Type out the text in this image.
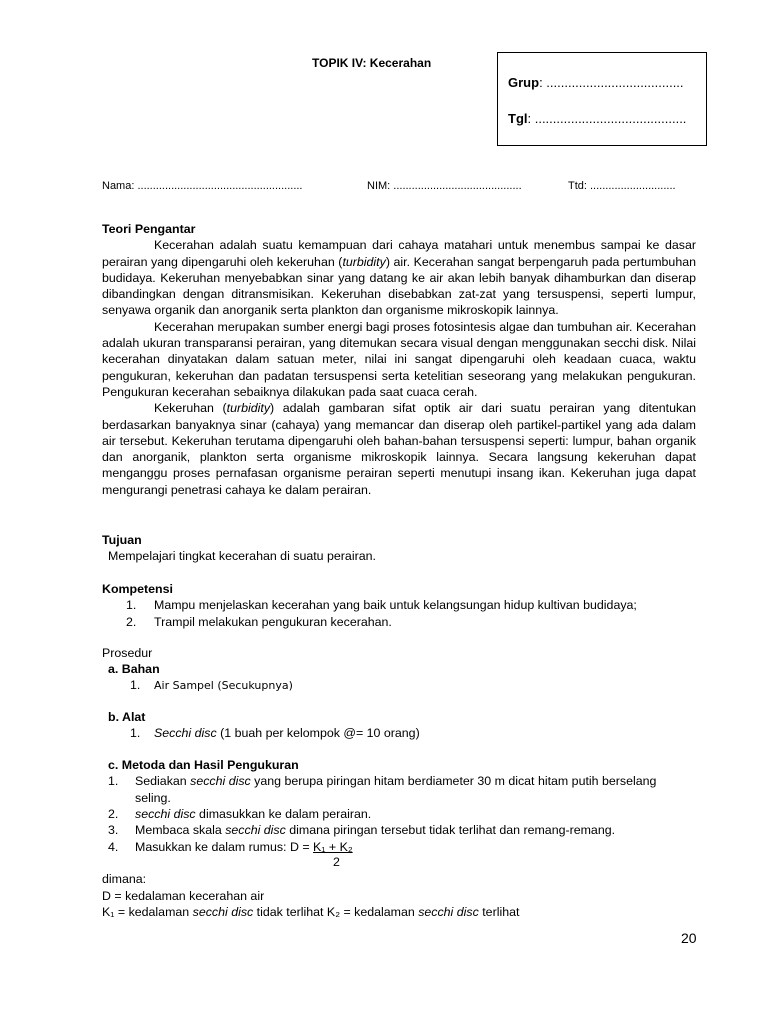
TOPIK IV: Kecerahan
Grup: ......................................
Tgl: ..........................................
Nama: ......................................................	NIM: ..........................................	Ttd: ............................
Teori Pengantar
Kecerahan adalah suatu kemampuan dari cahaya matahari untuk menembus sampai ke dasar perairan yang dipengaruhi oleh kekeruhan (turbidity) air. Kecerahan sangat berpengaruh pada pertumbuhan budidaya. Kekeruhan menyebabkan sinar yang datang ke air akan lebih banyak dihamburkan dan diserap dibandingkan dengan ditransmisikan. Kekeruhan disebabkan zat-zat yang tersuspensi, seperti lumpur, senyawa organik dan anorganik serta plankton dan organisme mikroskopik lainnya.
Kecerahan merupakan sumber energi bagi proses fotosintesis algae dan tumbuhan air. Kecerahan adalah ukuran transparansi perairan, yang ditemukan secara visual dengan menggunakan secchi disk. Nilai kecerahan dinyatakan dalam satuan meter, nilai ini sangat dipengaruhi oleh keadaan cuaca, waktu pengukuran, kekeruhan dan padatan tersuspensi serta ketelitian seseorang yang melakukan pengukuran. Pengukuran kecerahan sebaiknya dilakukan pada saat cuaca cerah.
Kekeruhan (turbidity) adalah gambaran sifat optik air dari suatu perairan yang ditentukan berdasarkan banyaknya sinar (cahaya) yang memancar dan diserap oleh partikel-partikel yang ada dalam air tersebut. Kekeruhan terutama dipengaruhi oleh bahan-bahan tersuspensi seperti: lumpur, bahan organik dan anorganik, plankton serta organisme mikroskopik lainnya. Secara langsung kekeruhan dapat menganggu proses pernafasan organisme perairan seperti menutupi insang ikan. Kekeruhan juga dapat mengurangi penetrasi cahaya ke dalam perairan.
Tujuan
Mempelajari tingkat kecerahan di suatu perairan.
Kompetensi
1. Mampu menjelaskan kecerahan yang baik untuk kelangsungan hidup kultivan budidaya;
2. Trampil melakukan pengukuran kecerahan.
Prosedur
a. Bahan
1. Air Sampel (Secukupnya)
b. Alat
1. Secchi disc (1 buah per kelompok @= 10 orang)
c. Metoda dan Hasil Pengukuran
1. Sediakan secchi disc yang berupa piringan hitam berdiameter 30 m dicat hitam putih berselang
seling.
2. secchi disc dimasukkan ke dalam perairan.
3. Membaca skala secchi disc dimana piringan tersebut tidak terlihat dan remang-remang.
4. Masukkan ke dalam rumus: D = K₁ + K₂
2
dimana:
D = kedalaman kecerahan air
K₁ = kedalaman secchi disc tidak terlihat K₂ = kedalaman secchi disc terlihat
20
